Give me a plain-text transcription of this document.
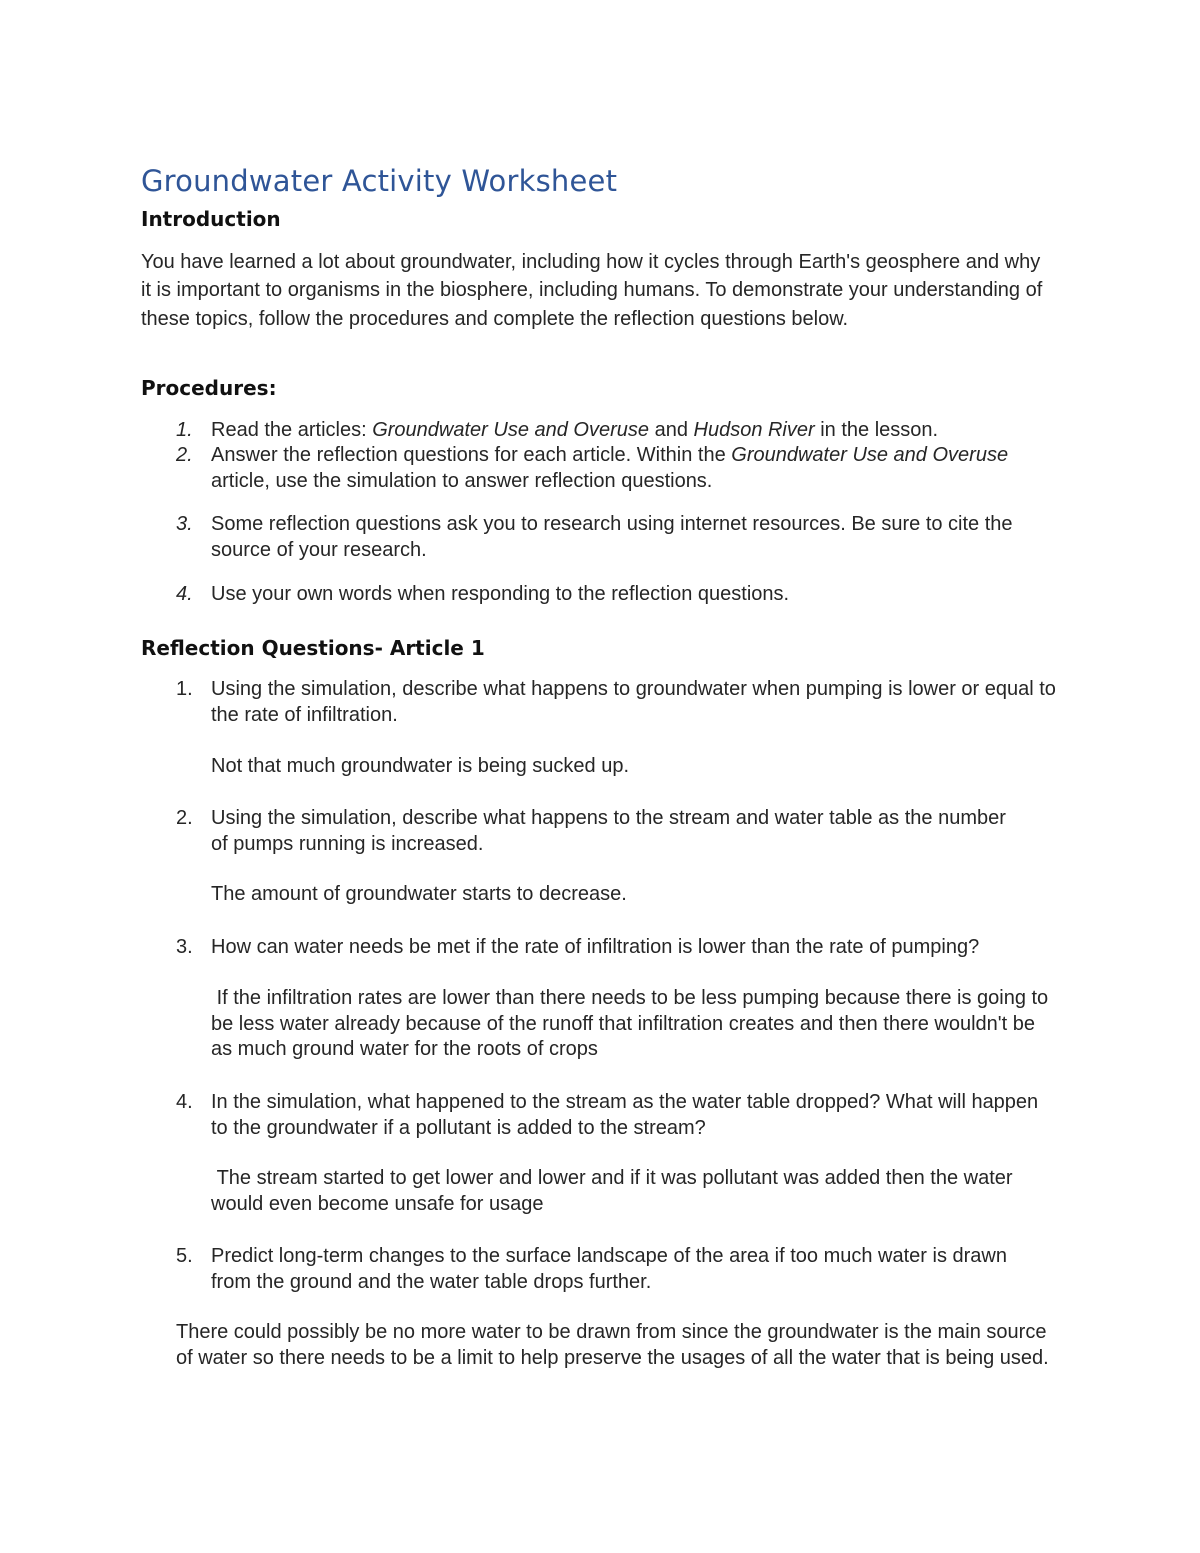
Groundwater Activity Worksheet
Introduction
You have learned a lot about groundwater, including how it cycles through Earth's geosphere and why it is important to organisms in the biosphere, including humans. To demonstrate your understanding of these topics, follow the procedures and complete the reflection questions below.
Procedures:
1. Read the articles: Groundwater Use and Overuse and Hudson River in the lesson.
2. Answer the reflection questions for each article. Within the Groundwater Use and Overuse article, use the simulation to answer reflection questions.
3. Some reflection questions ask you to research using internet resources. Be sure to cite the source of your research.
4. Use your own words when responding to the reflection questions.
Reflection Questions- Article 1
1. Using the simulation, describe what happens to groundwater when pumping is lower or equal to the rate of infiltration.
Not that much groundwater is being sucked up.
2. Using the simulation, describe what happens to the stream and water table as the number of pumps running is increased.
The amount of groundwater starts to decrease.
3. How can water needs be met if the rate of infiltration is lower than the rate of pumping?
If the infiltration rates are lower than there needs to be less pumping because there is going to be less water already because of the runoff that infiltration creates and then there wouldn't be as much ground water for the roots of crops
4. In the simulation, what happened to the stream as the water table dropped? What will happen to the groundwater if a pollutant is added to the stream?
The stream started to get lower and lower and if it was pollutant was added then the water would even become unsafe for usage
5. Predict long-term changes to the surface landscape of the area if too much water is drawn from the ground and the water table drops further.
There could possibly be no more water to be drawn from since the groundwater is the main source of water so there needs to be a limit to help preserve the usages of all the water that is being used.
